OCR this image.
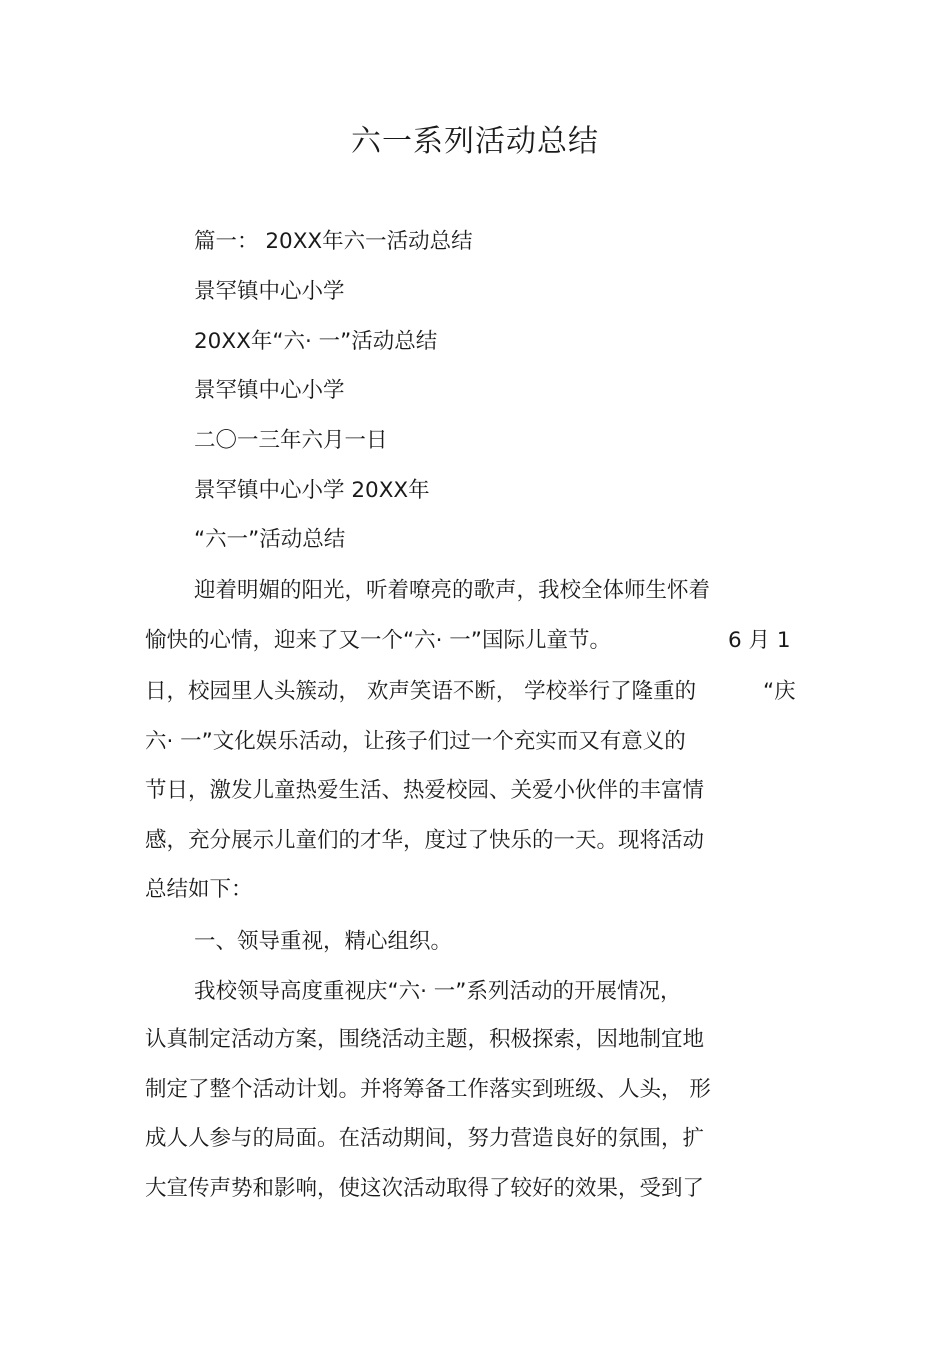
六一系列活动总结
篇一： 20XX年六一活动总结
景罕镇中心小学
20XX年“六· 一”活动总结
景罕镇中心小学
二〇一三年六月一日
景罕镇中心小学 20XX年
“六一”活动总结
迎着明媚的阳光，听着嘹亮的歌声，我校全体师生怀着
愉快的心情，迎来了又一个“六· 一”国际儿童节。	6 月 1
日，校园里人头簇动， 欢声笑语不断， 学校举行了隆重的	“庆
六· 一”文化娱乐活动，让孩子们过一个充实而又有意义的
节日，激发儿童热爱生活、热爱校园、关爱小伙伴的丰富情
感，充分展示儿童们的才华，度过了快乐的一天。现将活动
总结如下：
一、领导重视，精心组织。
我校领导高度重视庆“六· 一”系列活动的开展情况，
认真制定活动方案，围绕活动主题，积极探索，因地制宜地
制定了整个活动计划。并将筹备工作落实到班级、人头， 形
成人人参与的局面。在活动期间，努力营造良好的氛围，扩
大宣传声势和影响，使这次活动取得了较好的效果，受到了
